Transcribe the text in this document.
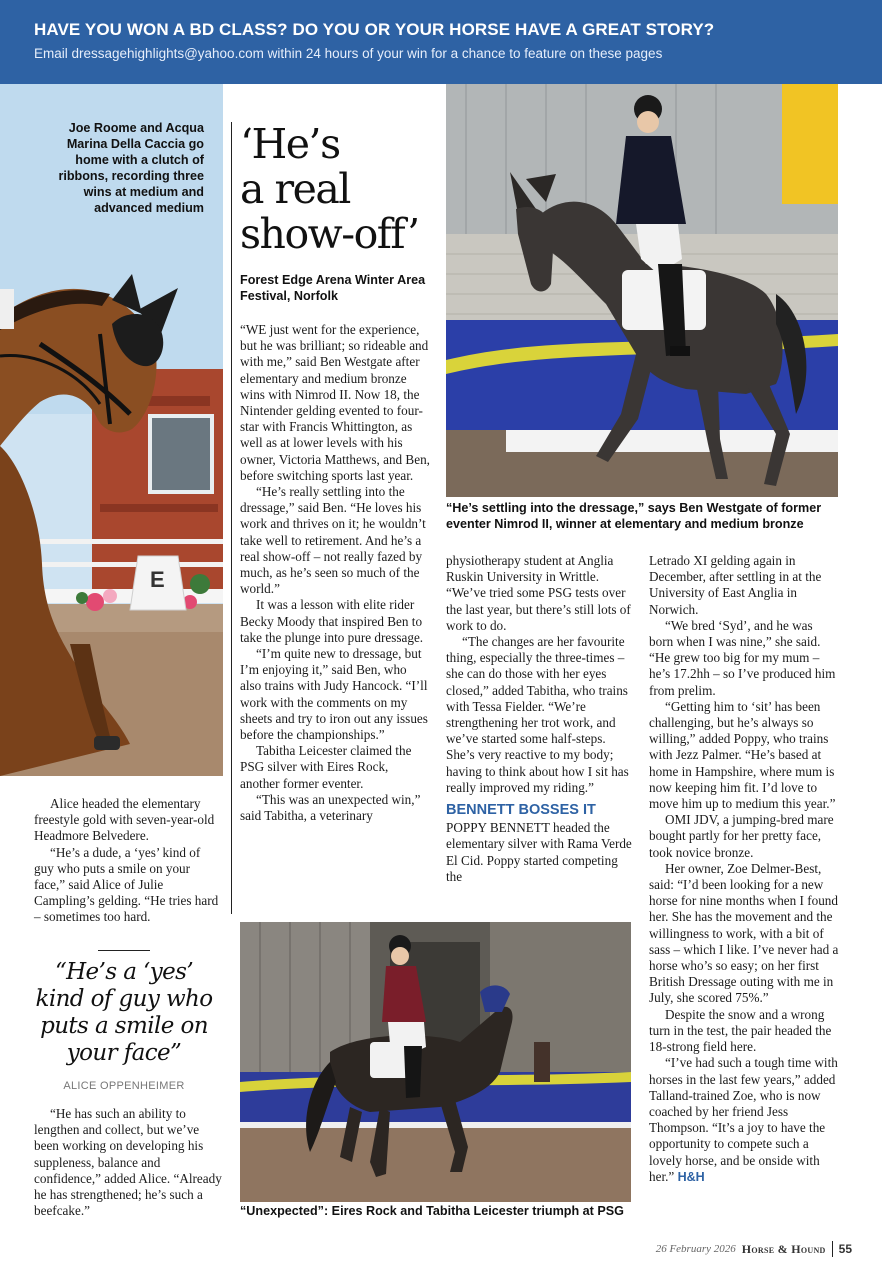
HAVE YOU WON A BD CLASS? DO YOU OR YOUR HORSE HAVE A GREAT STORY?
Email dressagehighlights@yahoo.com within 24 hours of your win for a chance to feature on these pages
E
Joe Roome and Acqua Marina Della Caccia go home with a clutch of ribbons, recording three wins at medium and advanced medium
‘He’s
a real
show-off’
Forest Edge Arena Winter Area Festival, Norfolk

“WE just went for the experience, but he was brilliant; so rideable and with me,” said Ben Westgate after elementary and medium bronze wins with Nimrod II. Now 18, the Nintender gelding evented to four-star with Francis Whittington, as well as at lower levels with his owner, Victoria Matthews, and Ben, before switching sports last year.

“He’s really settling into the dressage,” said Ben. “He loves his work and thrives on it; he wouldn’t take well to retirement. And he’s a real show-off – not really fazed by much, as he’s seen so much of the world.”

It was a lesson with elite rider Becky Moody that inspired Ben to take the plunge into pure dressage.

“I’m quite new to dressage, but I’m enjoying it,” said Ben, who also trains with Judy Hancock. “I’ll work with the comments on my sheets and try to iron out any issues before the championships.”

Tabitha Leicester claimed the PSG silver with Eires Rock, another former eventer.

“This was an unexpected win,” said Tabitha, a veterinary

Alice headed the elementary freestyle gold with seven-year-old Headmore Belvedere.

“He’s a dude, a ‘yes’ kind of guy who puts a smile on your face,” said Alice of Julie Campling’s gelding. “He tries hard – sometimes too hard.

“He’s a ‘yes’ kind of guy who puts a smile on your face”
ALICE OPPENHEIMER

“He has such an ability to lengthen and collect, but we’ve been working on developing his suppleness, balance and confidence,” added Alice. “Already he has strengthened; he’s such a beefcake.”

“He’s settling into the dressage,” says Ben Westgate of former eventer Nimrod II, winner at elementary and medium bronze

physiotherapy student at Anglia Ruskin University in Writtle. “We’ve tried some PSG tests over the last year, but there’s still lots of work to do.

“The changes are her favourite thing, especially the three-times – she can do those with her eyes closed,” added Tabitha, who trains with Tessa Fielder. “We’re strengthening her trot work, and we’ve started some half-steps. She’s very reactive to my body; having to think about how I sit has really improved my riding.”

BENNETT BOSSES IT

POPPY BENNETT headed the elementary silver with Rama Verde El Cid. Poppy started competing the

Letrado XI gelding again in December, after settling in at the University of East Anglia in Norwich.

“We bred ‘Syd’, and he was born when I was nine,” she said. “He grew too big for my mum – he’s 17.2hh – so I’ve produced him from prelim.

“Getting him to ‘sit’ has been challenging, but he’s always so willing,” added Poppy, who trains with Jezz Palmer. “He’s based at home in Hampshire, where mum is now keeping him fit. I’d love to move him up to medium this year.”

OMI JDV, a jumping-bred mare bought partly for her pretty face, took novice bronze.

Her owner, Zoe Delmer-Best, said: “I’d been looking for a new horse for nine months when I found her. She has the movement and the willingness to work, with a bit of sass – which I like. I’ve never had a horse who’s so easy; on her first British Dressage outing with me in July, she scored 75%.”

Despite the snow and a wrong turn in the test, the pair headed the 18-strong field here.

“I’ve had such a tough time with horses in the last few years,” added Talland-trained Zoe, who is now coached by her friend Jess Thompson. “It’s a joy to have the opportunity to compete such a lovely horse, and be onside with her.” H&H

“Unexpected”: Eires Rock and Tabitha Leicester triumph at PSG
26 February 2026 Horse & Hound 55
